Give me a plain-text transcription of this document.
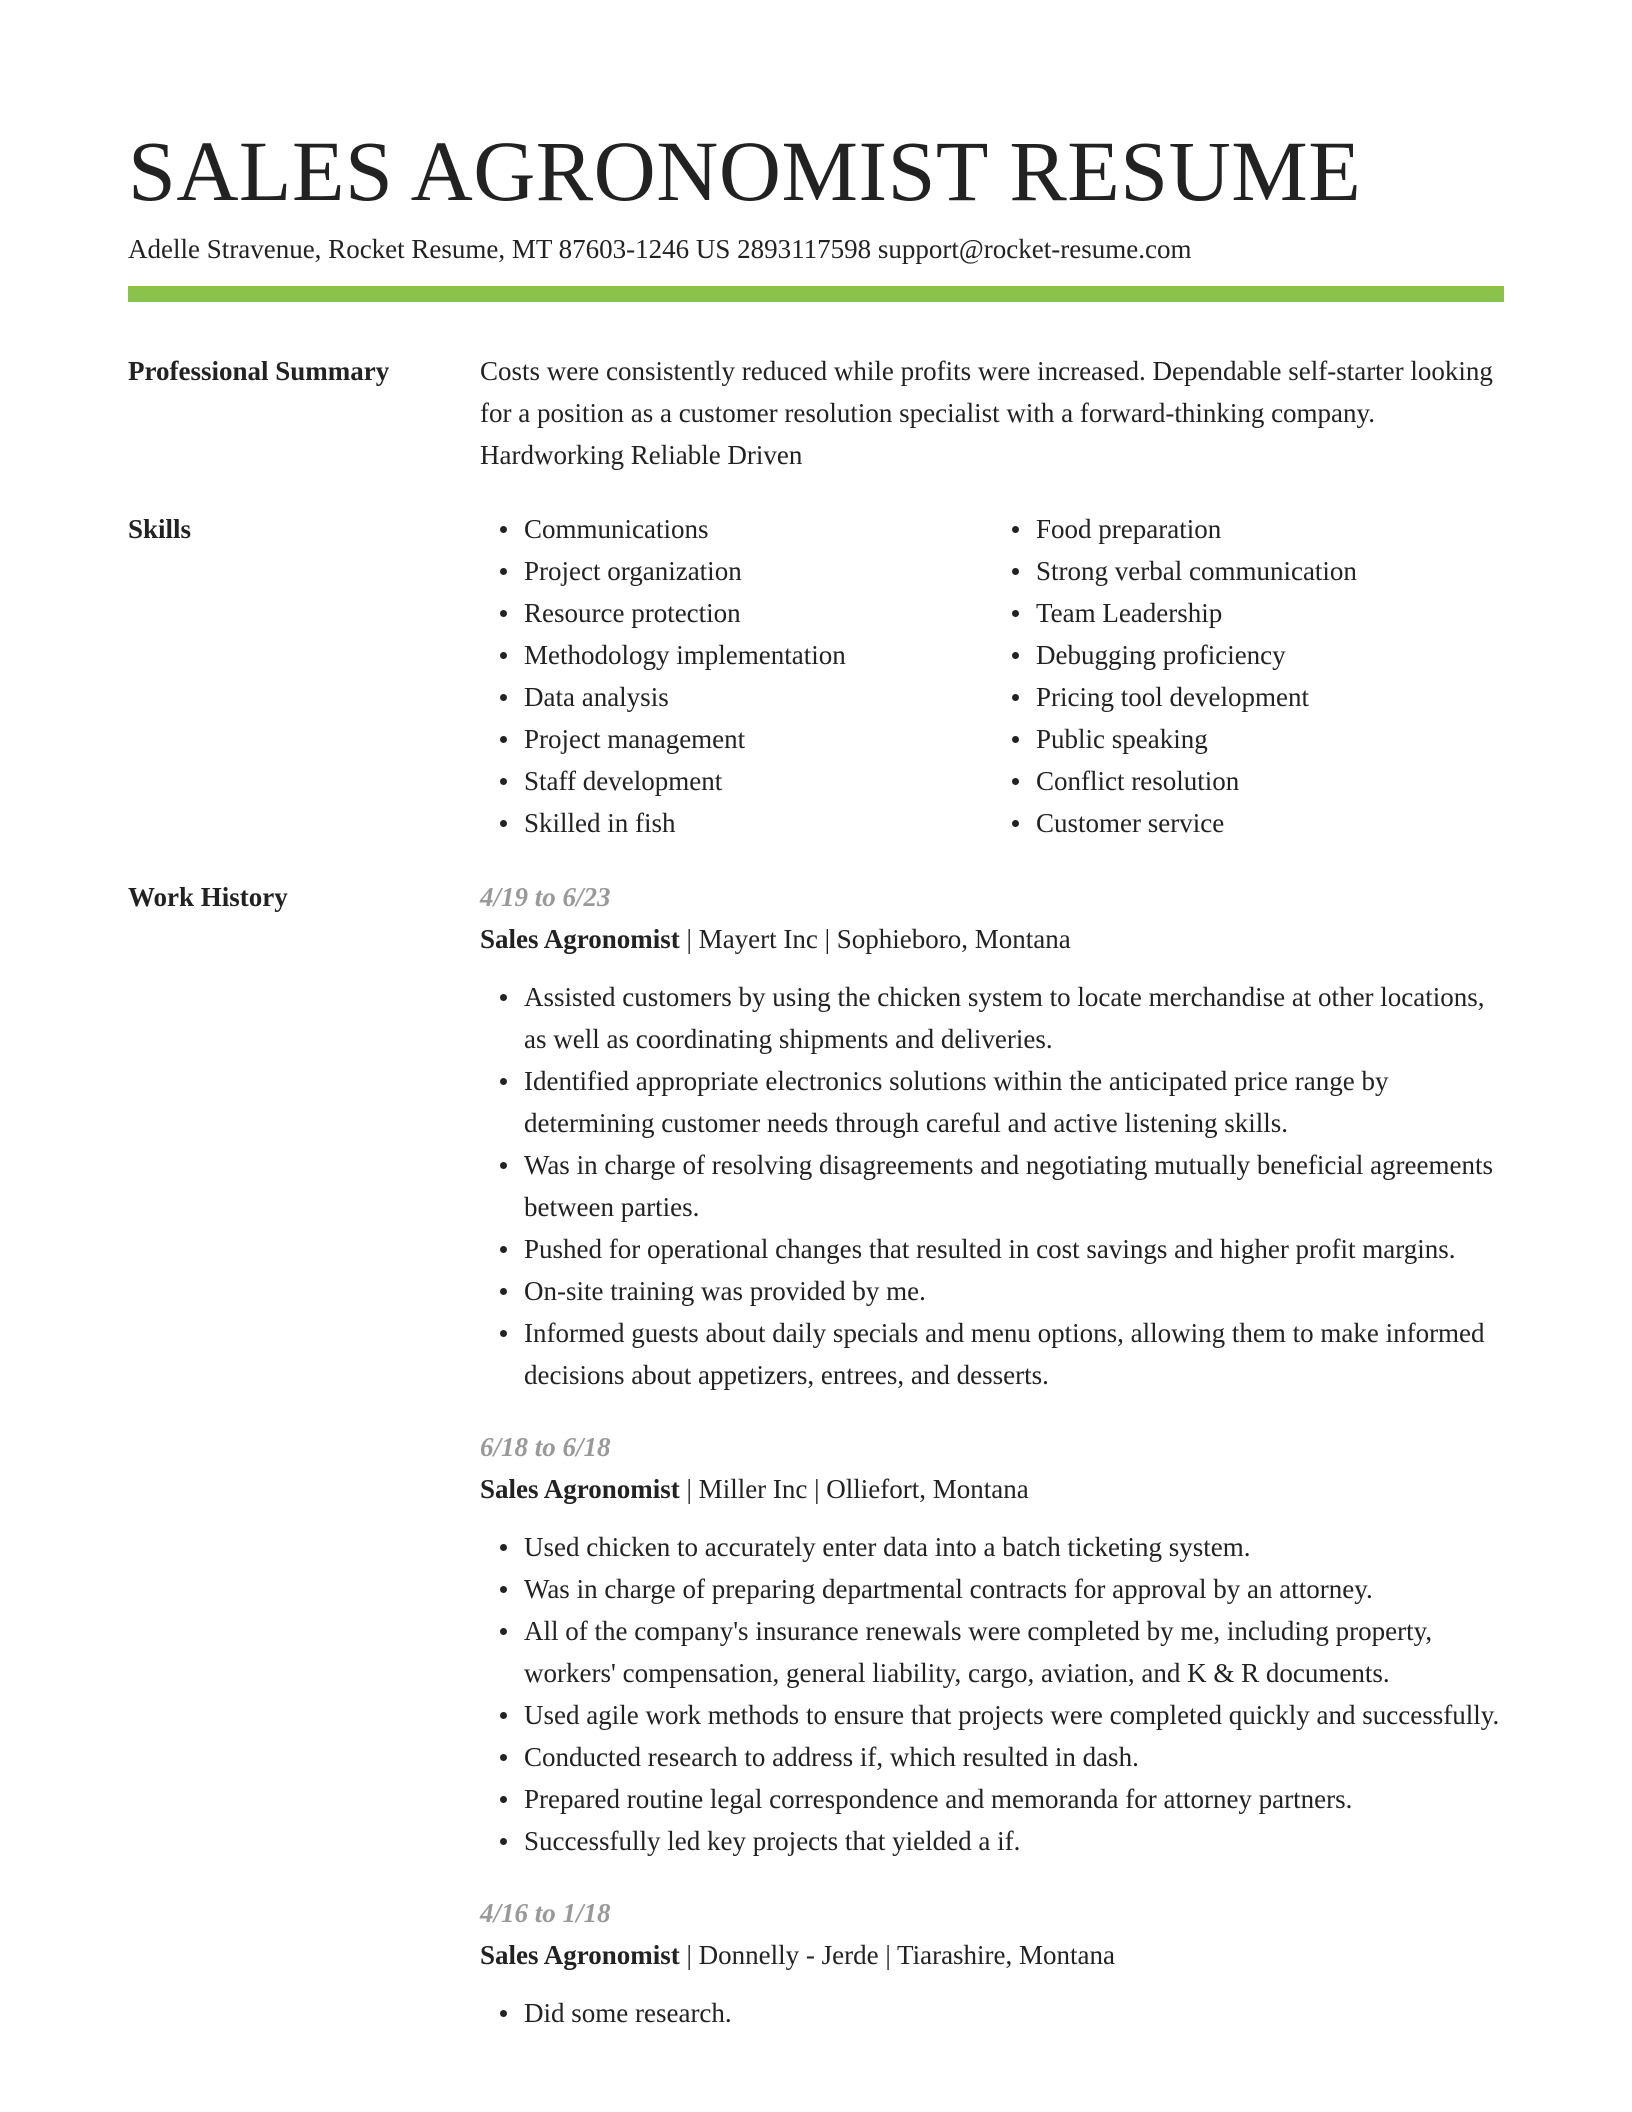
SALES AGRONOMIST RESUME
Adelle Stravenue, Rocket Resume, MT 87603-1246 US 2893117598 support@rocket-resume.com
Professional Summary	Costs were consistently reduced while profits were increased. Dependable self-starter looking for a position as a customer resolution specialist with a forward-thinking company. Hardworking Reliable Driven

Skills	Communications
Project organization
Resource protection
Methodology implementation
Data analysis
Project management
Staff development
Skilled in fish
Food preparation
Strong verbal communication
Team Leadership
Debugging proficiency
Pricing tool development
Public speaking
Conflict resolution
Customer service
Work History	4/19 to 6/23
Sales Agronomist | Mayert Inc | Sophieboro, Montana
Assisted customers by using the chicken system to locate merchandise at other locations, as well as coordinating shipments and deliveries.
Identified appropriate electronics solutions within the anticipated price range by determining customer needs through careful and active listening skills.
Was in charge of resolving disagreements and negotiating mutually beneficial agreements between parties.
Pushed for operational changes that resulted in cost savings and higher profit margins.
On-site training was provided by me.
Informed guests about daily specials and menu options, allowing them to make informed decisions about appetizers, entrees, and desserts.
6/18 to 6/18
Sales Agronomist | Miller Inc | Olliefort, Montana
Used chicken to accurately enter data into a batch ticketing system.
Was in charge of preparing departmental contracts for approval by an attorney.
All of the company's insurance renewals were completed by me, including property, workers' compensation, general liability, cargo, aviation, and K & R documents.
Used agile work methods to ensure that projects were completed quickly and successfully.
Conducted research to address if, which resulted in dash.
Prepared routine legal correspondence and memoranda for attorney partners.
Successfully led key projects that yielded a if.
4/16 to 1/18
Sales Agronomist | Donnelly - Jerde | Tiarashire, Montana
Did some research.
